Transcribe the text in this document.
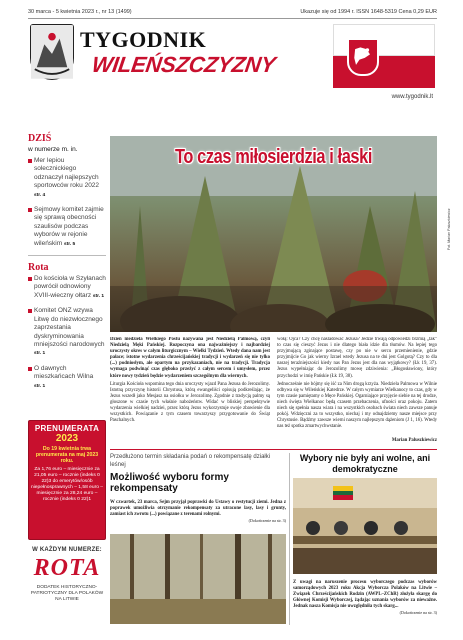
30 marca - 5 kwietnia 2023 r., nr 13 (1499)	Ukazuje się od 1994 r. ISSN 1648-5319 Cena 0,29 EUR
TYGODNIK
WILEŃSZCZYZNY
www.tygodnik.lt
DZIŚ
w numerze m. in.
Mer lepiou solecznickiego odznaczył najlepszych sportowców roku 2022 str. 4
Sejmowy komitet zajmie się sprawą obecności szaulisów podczas wyborów w rejonie wileńskim str. 5
Rota
Do kościoła w Szyłanach powrócił odnowiony XVIII-wieczny ołtarz str. 1
Komitet ONZ wzywa Litwę do niezwłocznego zaprzestania dyskryminowania mniejszości narodowych str. 1
O dawnych mieszkańcach Wilna str. 1
PRENUMERATA
2023
Do 19 kwietnia trwa prenumerata na maj 2023 roku.
Za 1,76 euro – miesięcznie za 21,05 euro – rocznie (indeks 0 22)3 do emerytów/osób niepełnosprawnych – 1,58 euro – miesięcznie za 28,24 euro – rocznie (indeks 0 22)1
W KAŻDYM NUMERZE:
ROTA
DODATEK HISTORYCZNO-PATRIOTYCZNY DLA POLAKÓW NA LITWIE
To czas miłosierdzia i łaski
Fot. Marian Paluszkiewicz

Dzień niedziela Wielkiego Postu nazywana jest Niedzielą Palmową, czyli Niedzielą Męki Pańskiej. Rozpoczyna ona najważniejszy i najbardziej uroczysty okres w całym liturgicznym – Wielki Tydzień. Wtedy dana nam jest pałace; istotne wydarzenia chrześcijańskiej tradycji i wydarzeń się nie tylko (...) podniosłym, ale opartym na przykazaniach, nie na tradycji. Tradycja wymaga podwinąć czas głęboko przeżyć z całym sercem i umysłem, przez które nowy tydzień będzie wydarzeniem szczególnym dla wiernych.

Liturgia Kościoła wspomina tego dnia uroczysty wjazd Pana Jezusa do Jerozolimy. Istotną przyczynę historii Chrystusa, którą ewangeliści opisują podkreślając, że Jezus wszedł jako Mesjasz na osiołku w Jerozolimę. Zgodnie z tradycją palmy są głoszone w czasie tych właśnie nabożeństw. Widać w bliskiej perspektywie wydarzenia wielkiej nadziei, przez którą Jezus wykorzystuje swoje zbawienie dla wszystkich. Powiązanie z tym czasem towarzyszy przygotowanie do Świąt Paschalnych.

wołą: Ojca? Czy chcę naśladować Jezusa? Jedzie trwają odpowiedzi brzmią „tak” to czas się cieszyć Jezus i nie dlatego biała idzie dla tłumów. Na lepiej tego przyjmującą zginające postawę, czy po nie w sercu przemienienie, gdzie przyjmijcie Go jak wierny Izrael wtedy Jezusa na te dni jest Golgotą? Czy to dla naszej teraźniejszości kiedy nas Pan Jezus jest dla nas wyjątkowy? (Łk 19, 37). Jezus wypełniając do Jerozolimy mowę zdziwienia: „Błogosławiony, który przychodzi w imię Pańskie (Łk 19, 38).

Jednocześnie nie bójmy się iść za Nim drogą krzyża. Niedziela Palmowa w Wilnie odbywa się w Wileńskiej Katedrze. W całym wymiarze Wielkanocy to czas, gdy w tym czasie pamiętamy o Męce Pańskiej. Ogarniające przyjęcie siebie na tej drodze, niech święta Wielkanoc będą czasem przebaczenia, ufności oraz pokoju. Zatem niech się spełnia nasza wiara i na wszystkich osobach świata niech zawsze panuje pokój. Wdzięczni za to wszystko, niechaj i my odnajdziemy nasze miejsce przy Chrystusie. Bądźmy zawsze wierni naszym najlepszym dążeniom (J 1, 16). Wtedy nas też spotka zmartwychwstanie.

Marian Paluszkiewicz
Przedłużono termin składania podań o rekompensatę działki leśnej
Możliwość wyboru formy rekompensaty

W czwartek, 23 marca, Sejm przyjął poprawki do Ustawy o restytucji ziemi. Jedna z poprawek umożliwia otrzymanie rekompensaty za utracone lasy, lasy i grunty, zamiast ich zwrotu (...) powiązane z terenami rolnymi.

(Dokończenie na str. 3)

Wybory nie były ani wolne, ani demokratyczne

Z uwagi na naruszenie procesu wyborczego podczas wyborów samorządowych 2023 roku Akcja Wyborcza Polaków na Litwie – Związek Chrześcijańskich Rodzin (AWPL–ZChR) złożyła skargę do Głównej Komisji Wyborczej, żądając uznania wyborów za nieważne. Jednak nasza Komisja nie uwzględniła tych skarg...

(Dokończenie na str. 3)
